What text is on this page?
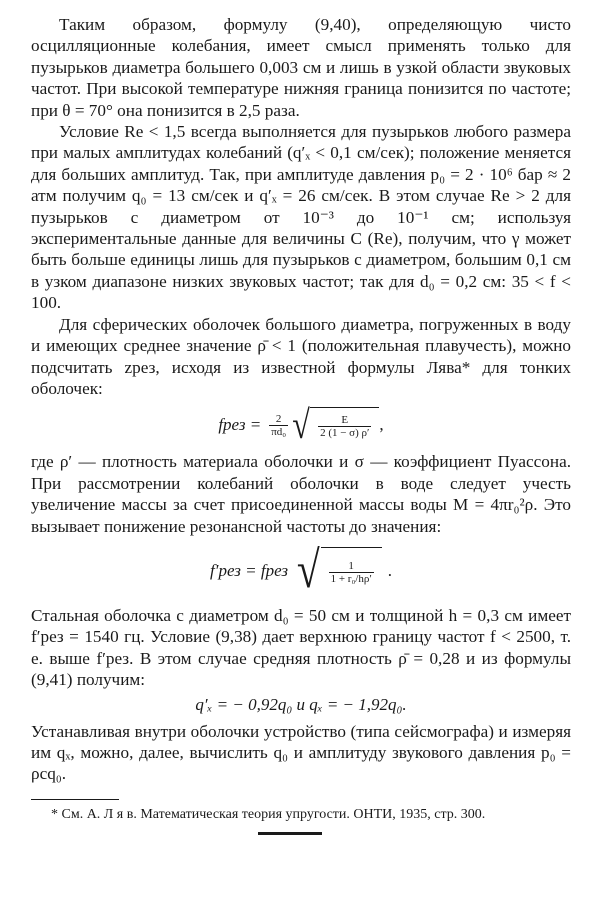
Таким образом, формулу (9,40), определяющую чисто осцилляционные колебания, имеет смысл применять только для пузырьков диаметра большего 0,003 см и лишь в узкой области звуковых частот. При высокой температуре нижняя граница понизится по частоте; при θ = 70° она понизится в 2,5 раза.

Условие Re < 1,5 всегда выполняется для пузырьков любого размера при малых амплитудах колебаний (q′ₓ < 0,1 см/сек); положение меняется для больших амплитуд. Так, при амплитуде давления p₀ = 2 · 10⁶ бар ≈ 2 атм получим q₀ = 13 см/сек и q′ₓ = 26 см/сек. В этом случае Re > 2 для пузырьков с диаметром от 10⁻³ до 10⁻¹ см; используя экспериментальные данные для величины C (Re), получим, что γ может быть больше единицы лишь для пузырьков с диаметром, большим 0,1 см в узком диапазоне низких звуковых частот; так для d₀ = 0,2 см: 35 < f < 100.

Для сферических оболочек большого диаметра, погруженных в воду и имеющих среднее значение ρ̄ < 1 (положительная плавучесть), можно подсчитать zрез, исходя из известной формулы Лява* для тонких оболочек:

fрез = $\frac{2}{\text{πd₀}}$ √ $\frac{E}{2 (1 - \sigma) \rho'}$ ,

где ρ′ — плотность материала оболочки и σ — коэффициент Пуассона. При рассмотрении колебаний оболочки в воде следует учесть увеличение массы за счет присоединенной массы воды M = 4πr₀²ρ. Это вызывает понижение резонансной частоты до значения:

f′рез = fрез √ $\frac{1}{\text{1 + r₀/hρ′}}$ .

Стальная оболочка с диаметром d₀ = 50 см и толщиной h = 0,3 см имеет f′рез = 1540 гц. Условие (9,38) дает верхнюю границу частот f < 2500, т. е. выше f′рез. В этом случае средняя плотность ρ̄ = 0,28 и из формулы (9,41) получим:

q′ₓ = − 0,92q₀ и qₓ = − 1,92q₀.

Устанавливая внутри оболочки устройство (типа сейсмографа) и измеряя им qₓ, можно, далее, вычислить q₀ и амплитуду звукового давления p₀ = ρcq₀.

* См. А. Л я в. Математическая теория упругости. ОНТИ, 1935, стр. 300.
